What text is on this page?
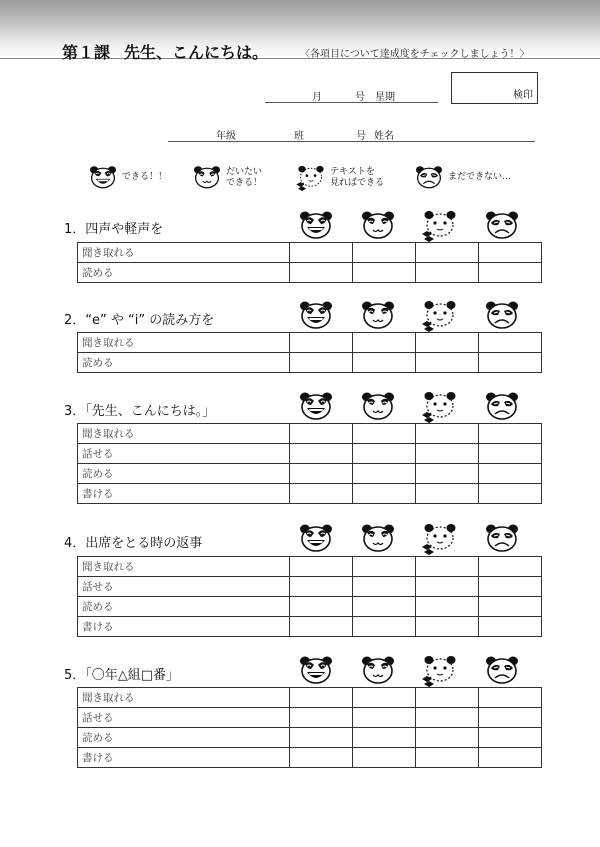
第１課 先生、こんにちは。	〈各項目について達成度をチェックしましょう！〉
月	号 星期	検印
年级	班	号 姓名
できる！！
だいたい
できる！
テキストを
見ればできる
まだできない…
1．四声や軽声を
聞き取れる				
読める				
2．“e” や “i” の読み方を
聞き取れる				
読める				
3．「先生、こんにちは。」
聞き取れる				
話せる				
読める				
書ける				
4．出席をとる時の返事
聞き取れる				
話せる				
読める				
書ける				
5．「〇年△組□番」
聞き取れる				
話せる				
読める				
書ける				
